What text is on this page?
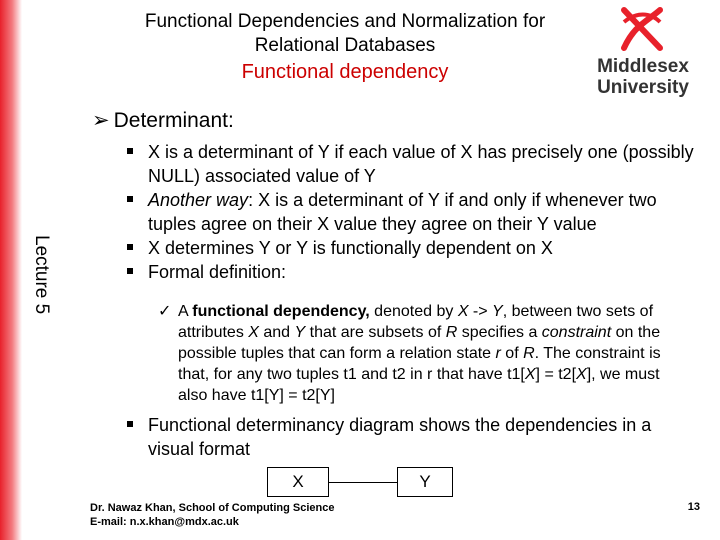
Functional Dependencies and Normalization for
Relational Databases
Functional dependency	Middlesex
University
Lecture 5
➢ Determinant:
X is a determinant of Y if each value of X has precisely one (possibly NULL) associated value of Y
Another way: X is a determinant of Y if and only if whenever two tuples agree on their X value they agree on their Y value
X determines Y or Y is functionally dependent on X
Formal definition:
✓ A functional dependency, denoted by X -> Y, between two sets of attributes X and Y that are subsets of R specifies a constraint on the possible tuples that can form a relation state r of R. The constraint is that, for any two tuples t1 and t2 in r that have t1[X] = t2[X], we must also have t1[Y] = t2[Y]
Functional determinancy diagram shows the dependencies in a visual format
X	Y
Dr. Nawaz Khan, School of Computing Science
E-mail: n.x.khan@mdx.ac.uk
13
